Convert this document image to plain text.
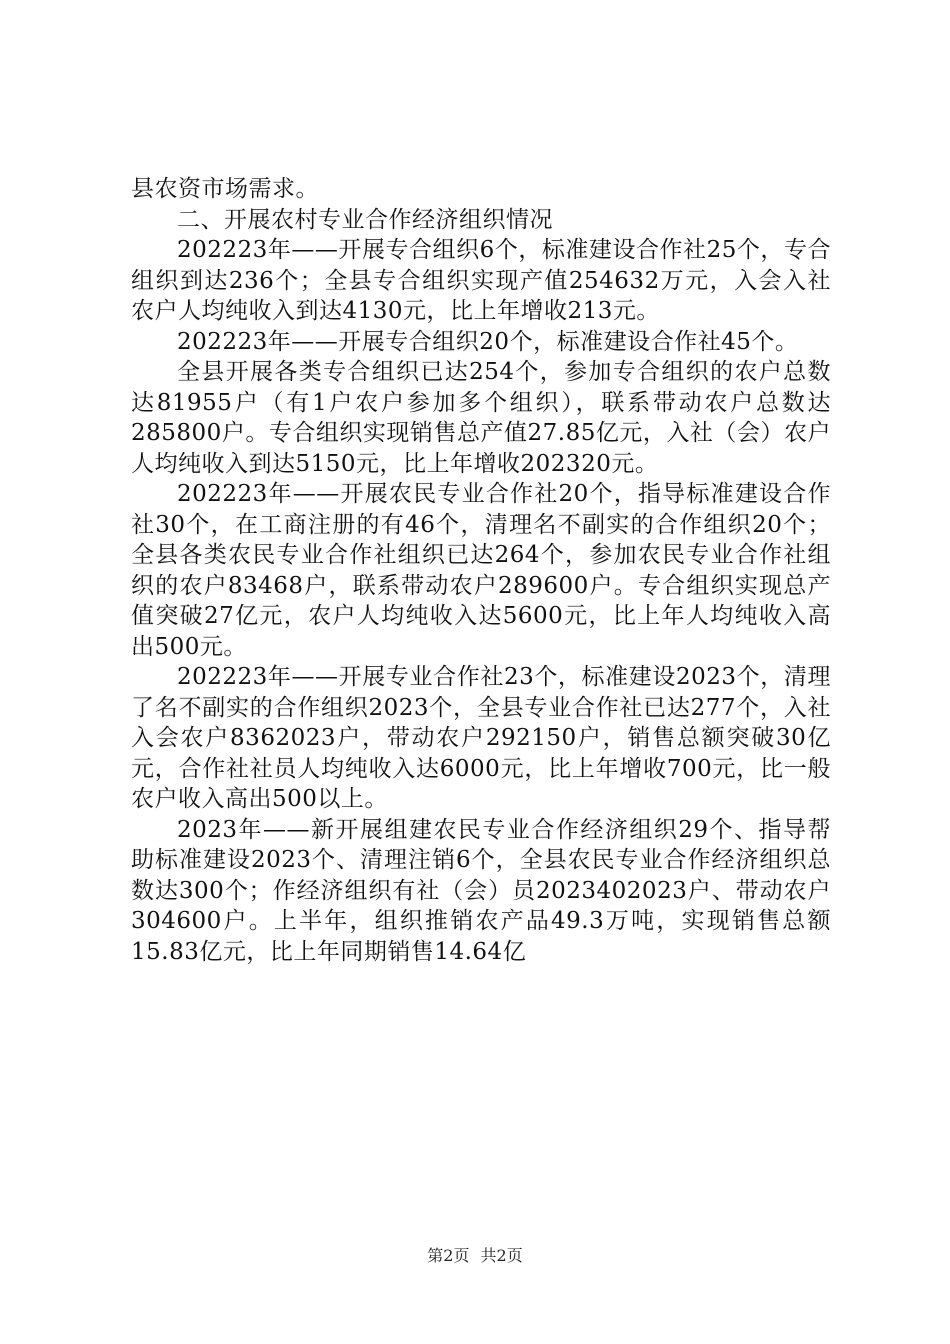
县农资市场需求。

二、开展农村专业合作经济组织情况

202223年——开展专合组织6个，标准建设合作社25个，专合组织到达236个；全县专合组织实现产值254632万元，入会入社农户人均纯收入到达4130元，比上年增收213元。

202223年——开展专合组织20个，标准建设合作社45个。

全县开展各类专合组织已达254个，参加专合组织的农户总数达81955户（有1户农户参加多个组织），联系带动农户总数达285800户。专合组织实现销售总产值27.85亿元，入社（会）农户人均纯收入到达5150元，比上年增收202320元。

202223年——开展农民专业合作社20个，指导标准建设合作社30个，在工商注册的有46个，清理名不副实的合作组织20个；全县各类农民专业合作社组织已达264个，参加农民专业合作社组织的农户83468户，联系带动农户289600户。专合组织实现总产值突破27亿元，农户人均纯收入达5600元，比上年人均纯收入高出500元。

202223年——开展专业合作社23个，标准建设2023个，清理了名不副实的合作组织2023个，全县专业合作社已达277个，入社入会农户8362023户，带动农户292150户，销售总额突破30亿元，合作社社员人均纯收入达6000元，比上年增收700元，比一般农户收入高出500以上。

2023年——新开展组建农民专业合作经济组织29个、指导帮助标准建设2023个、清理注销6个，全县农民专业合作经济组织总数达300个；作经济组织有社（会）员2023402023户、带动农户304600户。上半年，组织推销农产品49.3万吨，实现销售总额15.83亿元，比上年同期销售14.64亿

第2页 共2页
